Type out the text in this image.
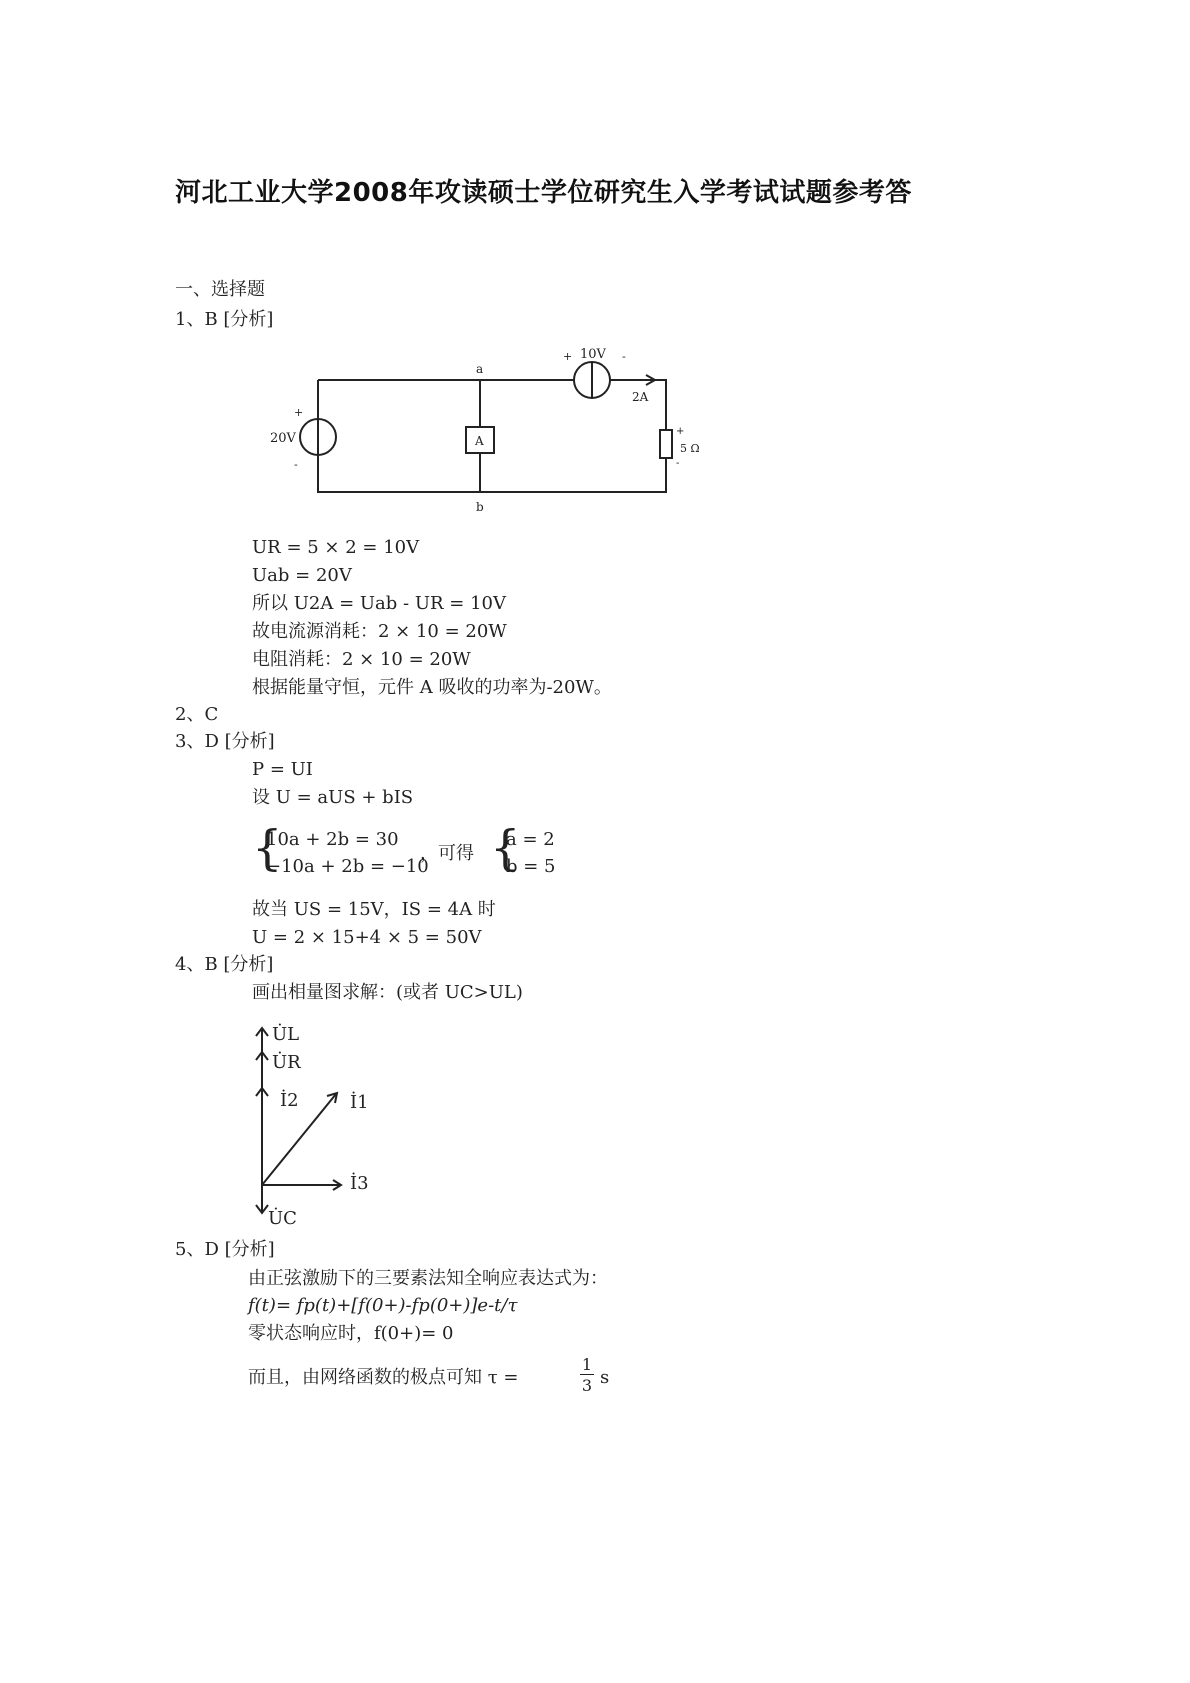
河北工业大学2008年攻读硕士学位研究生入学考试试题参考答
一、选择题
1、B [分析]
a
b
20V
+
-
+ 10V -
2A
A
+
5 Ω
-
UR = 5 × 2 = 10V
Uab = 20V
所以 U2A = Uab - UR = 10V
故电流源消耗：2 × 10 = 20W
电阻消耗：2 × 10 = 20W
根据能量守恒，元件 A 吸收的功率为-20W。
2、C
3、D [分析]
P = UI
设 U = aUS + bIS
{
10a + 2b = 30
−10a + 2b = −10
，可得 {
a = 2
b = 5
故当 US = 15V，IS = 4A 时
U = 2 × 15+4 × 5 = 50V
4、B [分析]
画出相量图求解：(或者 UC>UL)
U̇L
U̇R
İ2	İ1
İ3
U̇C
5、D [分析]
由正弦激励下的三要素法知全响应表达式为：
f(t)= fp(t)+[f(0+)-fp(0+)]e-t/τ
零状态响应时，f(0+)= 0
而且，由网络函数的极点可知 τ =
1
3 s
